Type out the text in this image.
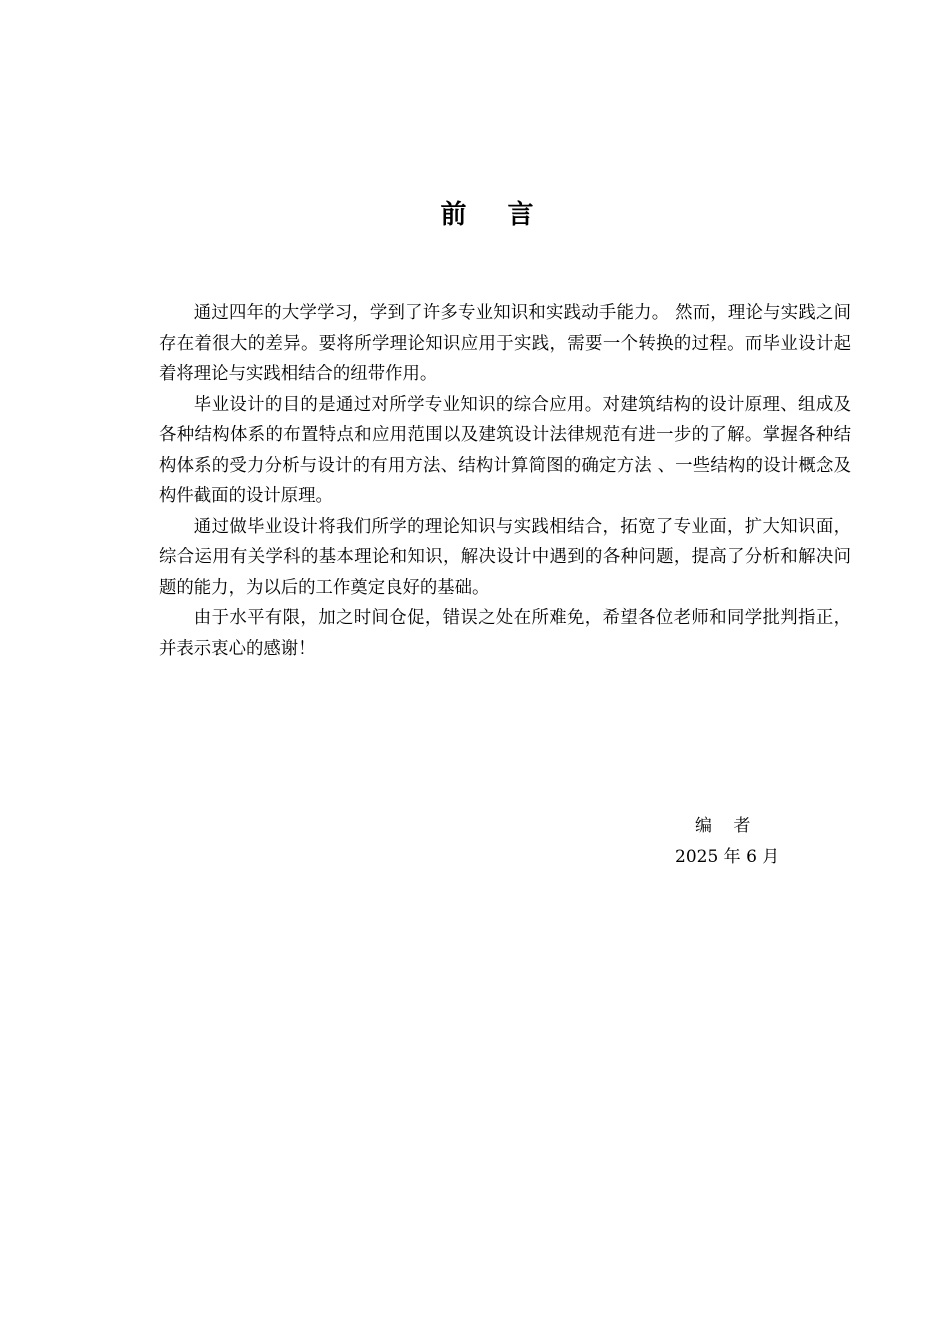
前 言

通过四年的大学学习，学到了许多专业知识和实践动手能力。 然而，理论与实践之间存在着很大的差异。要将所学理论知识应用于实践，需要一个转换的过程。而毕业设计起着将理论与实践相结合的纽带作用。

毕业设计的目的是通过对所学专业知识的综合应用。对建筑结构的设计原理、组成及各种结构体系的布置特点和应用范围以及建筑设计法律规范有进一步的了解。掌握各种结构体系的受力分析与设计的有用方法、结构计算简图的确定方法 、一些结构的设计概念及构件截面的设计原理。

通过做毕业设计将我们所学的理论知识与实践相结合，拓宽了专业面，扩大知识面，综合运用有关学科的基本理论和知识，解决设计中遇到的各种问题，提高了分析和解决问题的能力，为以后的工作奠定良好的基础。

由于水平有限，加之时间仓促，错误之处在所难免，希望各位老师和同学批判指正，并表示衷心的感谢！

编 者
2025 年 6 月
